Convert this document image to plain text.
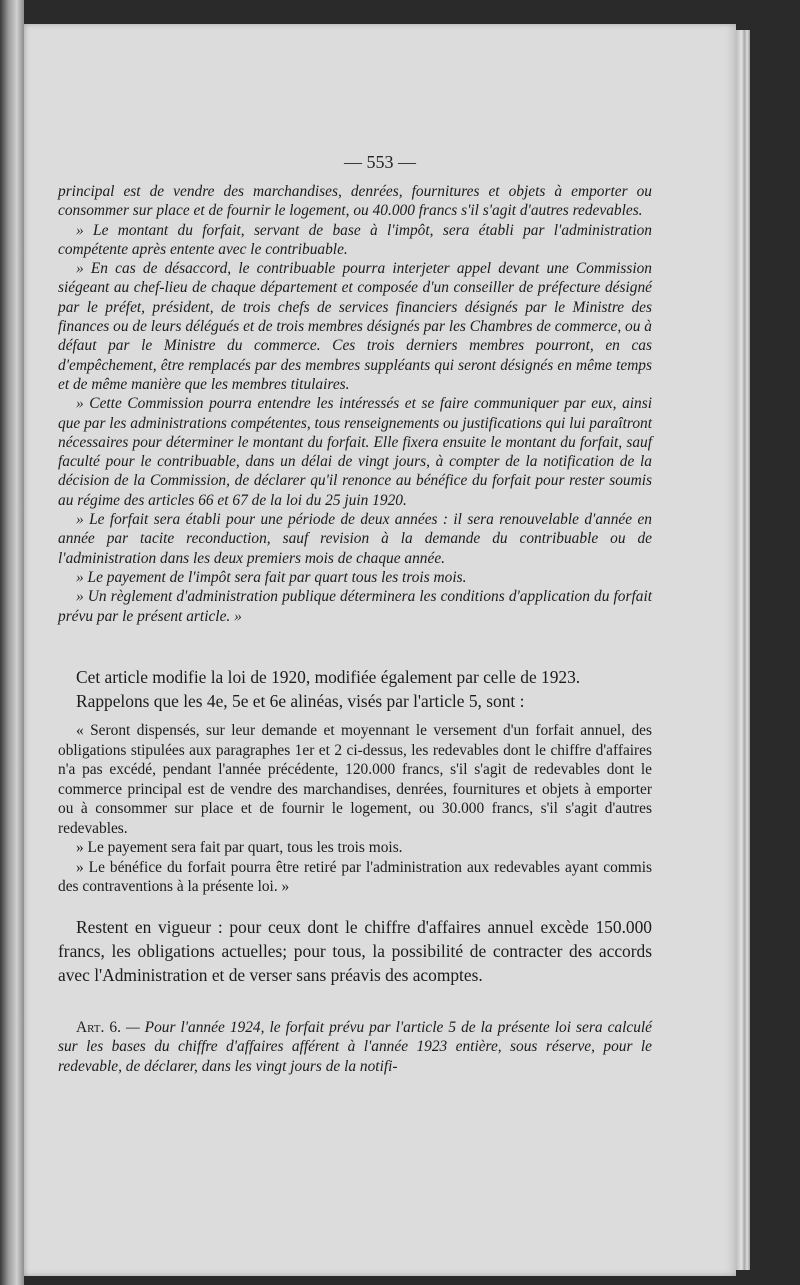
— 553 —

principal est de vendre des marchandises, denrées, fournitures et objets à emporter ou consommer sur place et de fournir le logement, ou 40.000 francs s'il s'agit d'autres redevables.

» Le montant du forfait, servant de base à l'impôt, sera établi par l'administration compétente après entente avec le contribuable.

» En cas de désaccord, le contribuable pourra interjeter appel devant une Commission siégeant au chef-lieu de chaque département et composée d'un conseiller de préfecture désigné par le préfet, président, de trois chefs de services financiers désignés par le Ministre des finances ou de leurs délégués et de trois membres désignés par les Chambres de commerce, ou à défaut par le Ministre du commerce. Ces trois derniers membres pourront, en cas d'empêchement, être remplacés par des membres suppléants qui seront désignés en même temps et de même manière que les membres titulaires.

» Cette Commission pourra entendre les intéressés et se faire communiquer par eux, ainsi que par les administrations compétentes, tous renseignements ou justifications qui lui paraîtront nécessaires pour déterminer le montant du forfait. Elle fixera ensuite le montant du forfait, sauf faculté pour le contribuable, dans un délai de vingt jours, à compter de la notification de la décision de la Commission, de déclarer qu'il renonce au bénéfice du forfait pour rester soumis au régime des articles 66 et 67 de la loi du 25 juin 1920.

» Le forfait sera établi pour une période de deux années : il sera renouvelable d'année en année par tacite reconduction, sauf revision à la demande du contribuable ou de l'administration dans les deux premiers mois de chaque année.

» Le payement de l'impôt sera fait par quart tous les trois mois.

» Un règlement d'administration publique déterminera les conditions d'application du forfait prévu par le présent article. »

Cet article modifie la loi de 1920, modifiée également par celle de 1923.

Rappelons que les 4e, 5e et 6e alinéas, visés par l'article 5, sont :

« Seront dispensés, sur leur demande et moyennant le versement d'un forfait annuel, des obligations stipulées aux paragraphes 1er et 2 ci-dessus, les redevables dont le chiffre d'affaires n'a pas excédé, pendant l'année précédente, 120.000 francs, s'il s'agit de redevables dont le commerce principal est de vendre des marchandises, denrées, fournitures et objets à emporter ou à consommer sur place et de fournir le logement, ou 30.000 francs, s'il s'agit d'autres redevables.

» Le payement sera fait par quart, tous les trois mois.

» Le bénéfice du forfait pourra être retiré par l'administration aux redevables ayant commis des contraventions à la présente loi. »

Restent en vigueur : pour ceux dont le chiffre d'affaires annuel excède 150.000 francs, les obligations actuelles; pour tous, la possibilité de contracter des accords avec l'Administration et de verser sans préavis des acomptes.

Art. 6. — Pour l'année 1924, le forfait prévu par l'article 5 de la présente loi sera calculé sur les bases du chiffre d'affaires afférent à l'année 1923 entière, sous réserve, pour le redevable, de déclarer, dans les vingt jours de la notifi-
